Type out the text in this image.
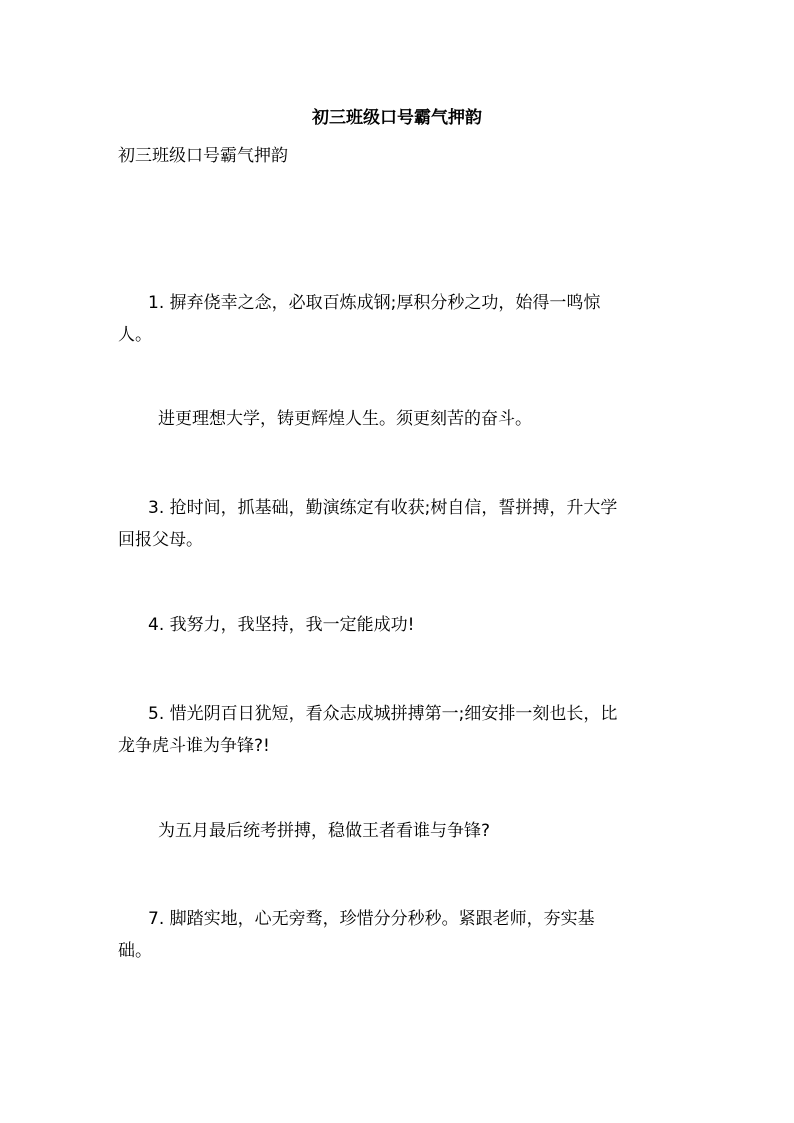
初三班级口号霸气押韵
初三班级口号霸气押韵
1. 摒弃侥幸之念，必取百炼成钢;厚积分秒之功，始得一鸣惊
人。
进更理想大学，铸更辉煌人生。须更刻苦的奋斗。
3. 抢时间，抓基础，勤演练定有收获;树自信，誓拼搏，升大学
回报父母。
4. 我努力，我坚持，我一定能成功!
5. 惜光阴百日犹短，看众志成城拼搏第一;细安排一刻也长，比
龙争虎斗谁为争锋?!
为五月最后统考拼搏，稳做王者看谁与争锋?
7. 脚踏实地，心无旁骛，珍惜分分秒秒。紧跟老师，夯实基
础。
